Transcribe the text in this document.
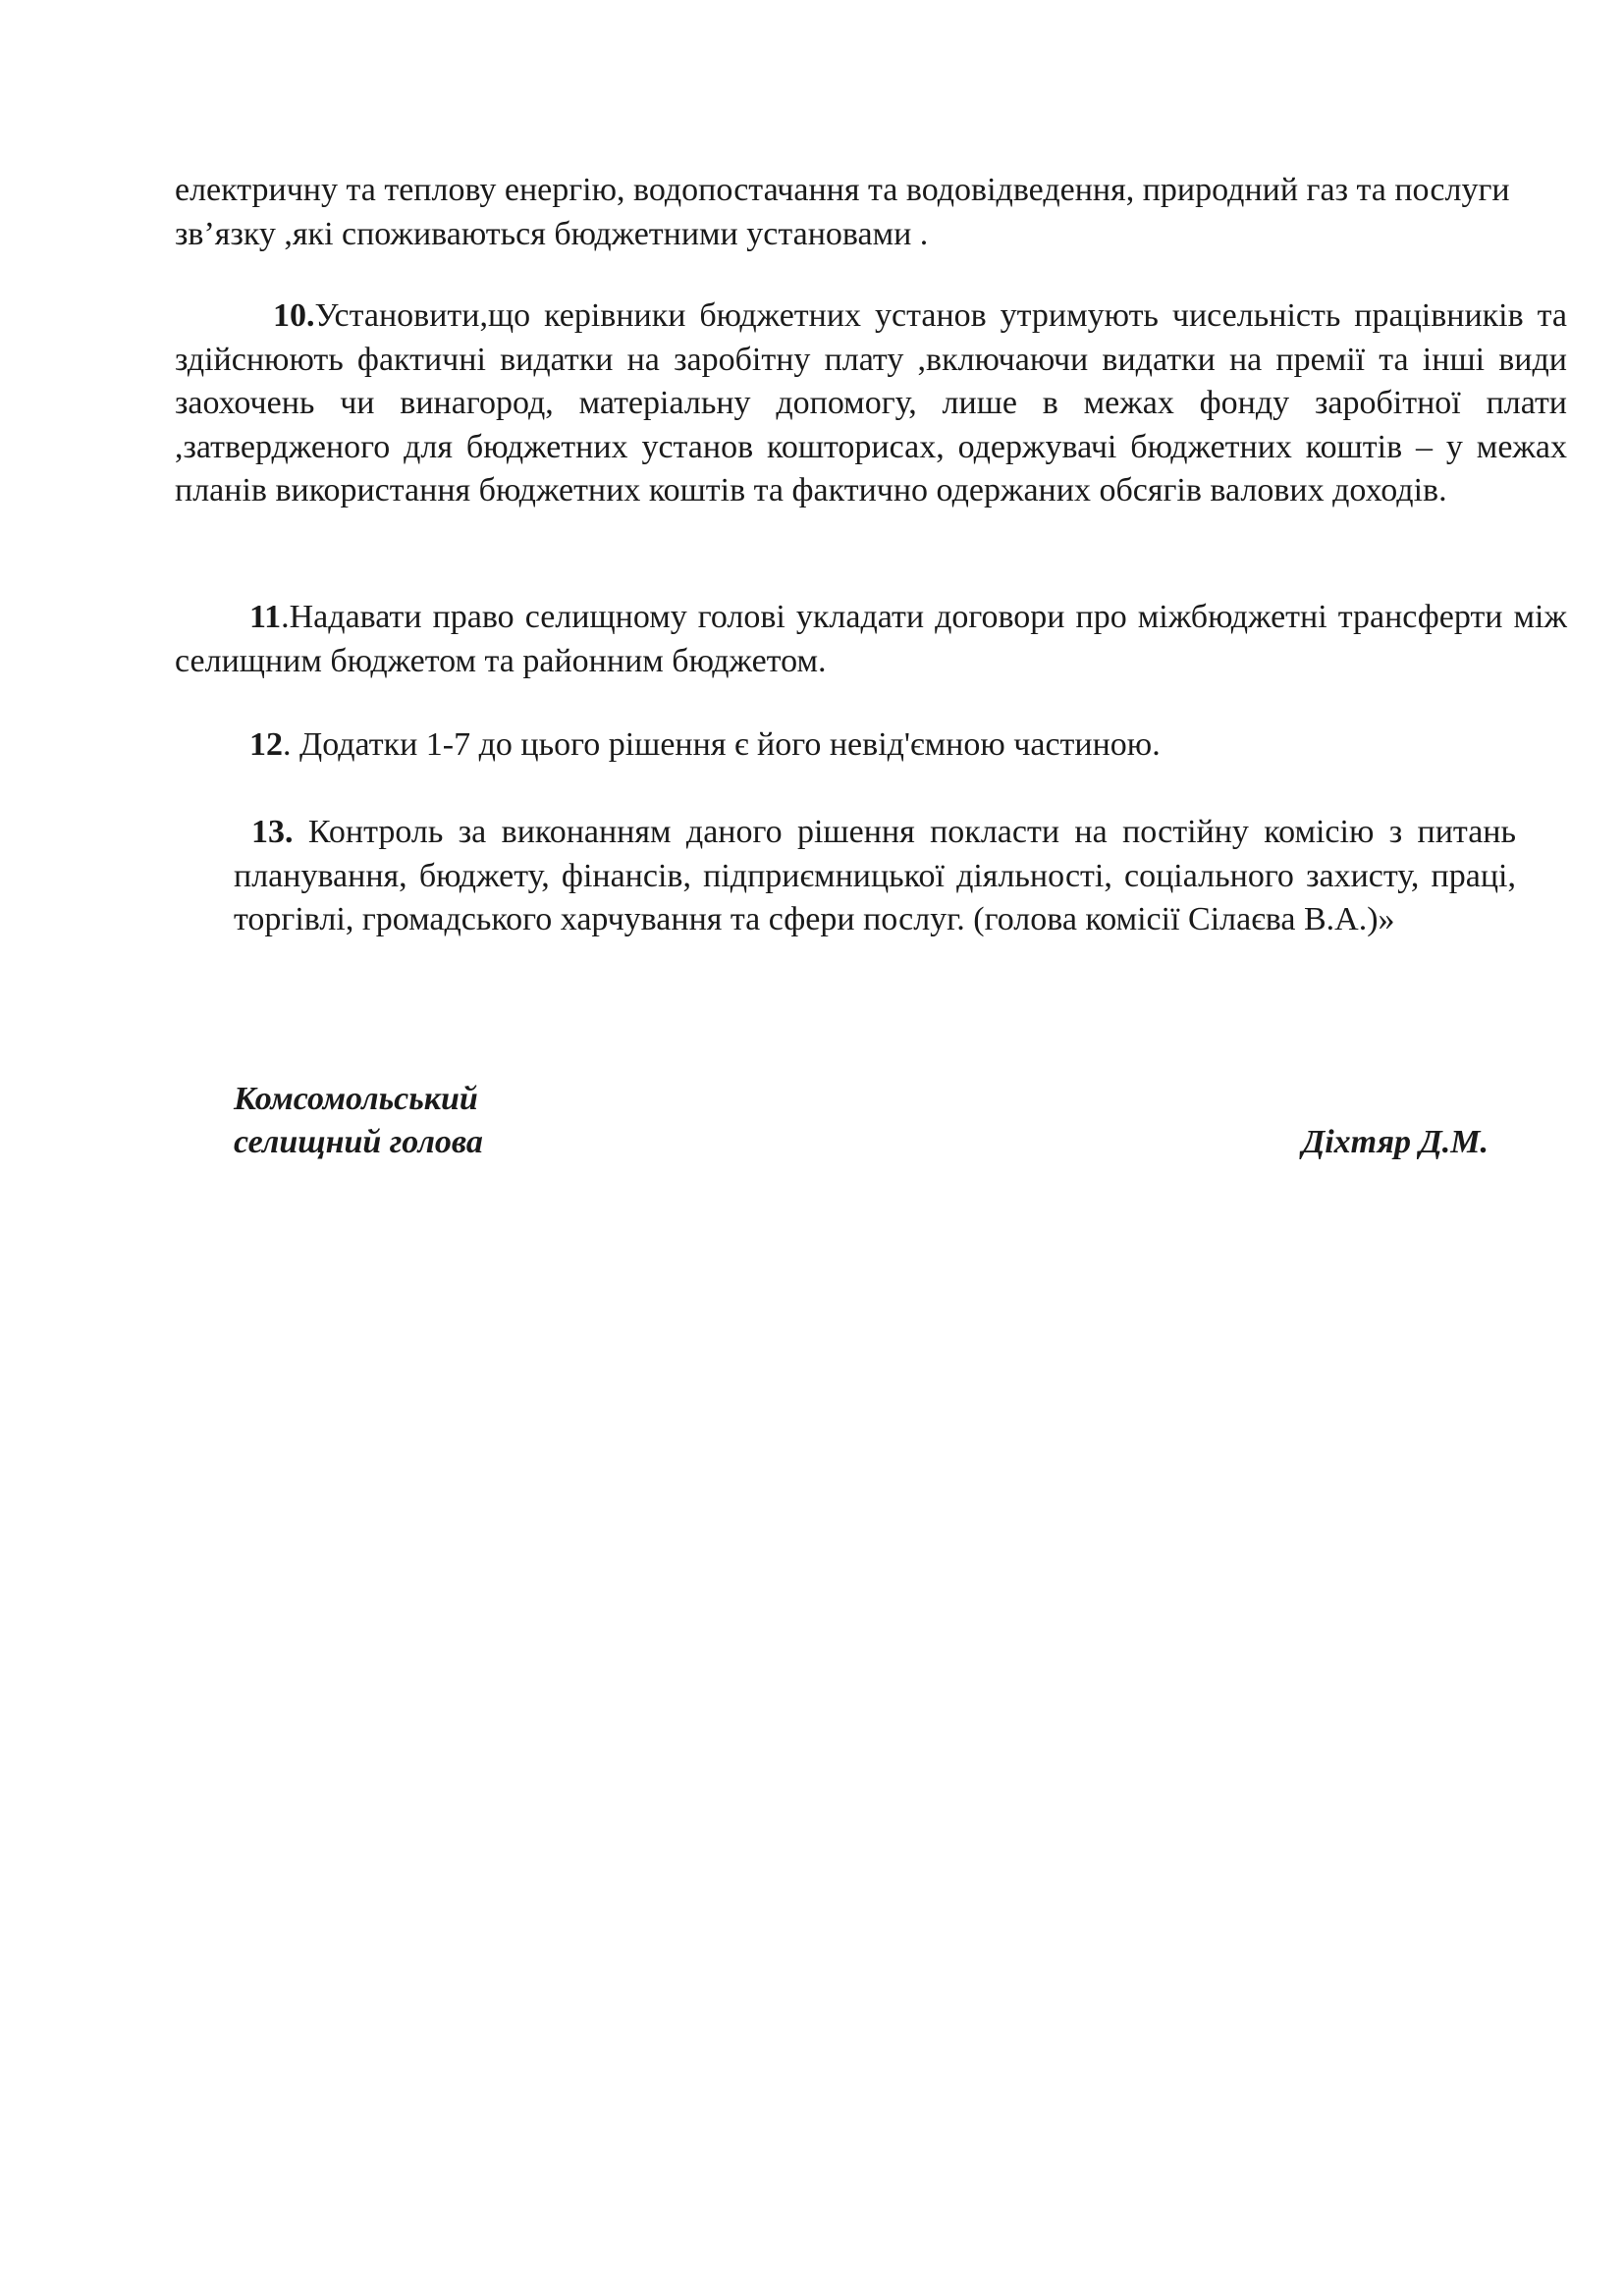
електричну та теплову енергію, водопостачання та водовідведення, природний газ та послуги зв’язку ,які споживаються бюджетними установами .

10.Установити,що керівники бюджетних установ утримують чисельність працівників та здійснюють фактичні видатки на заробітну плату ,включаючи видатки на премії та інші види заохочень чи винагород, матеріальну допомогу, лише в межах фонду заробітної плати ,затвердженого для бюджетних установ кошторисах, одержувачі бюджетних коштів – у межах планів використання бюджетних коштів та фактично одержаних обсягів валових доходів.

11.Надавати право селищному голові укладати договори про міжбюджетні трансферти між селищним бюджетом та районним бюджетом.

12. Додатки 1-7 до цього рішення є його невід'ємною частиною.

13. Контроль за виконанням даного рішення покласти на постійну комісію з питань планування, бюджету, фінансів, підприємницької діяльності, соціального захисту, праці, торгівлі, громадського харчування та сфери послуг. (голова комісії Сілаєва В.А.)»

Комсомольський
селищний голова	Діхтяр Д.М.
